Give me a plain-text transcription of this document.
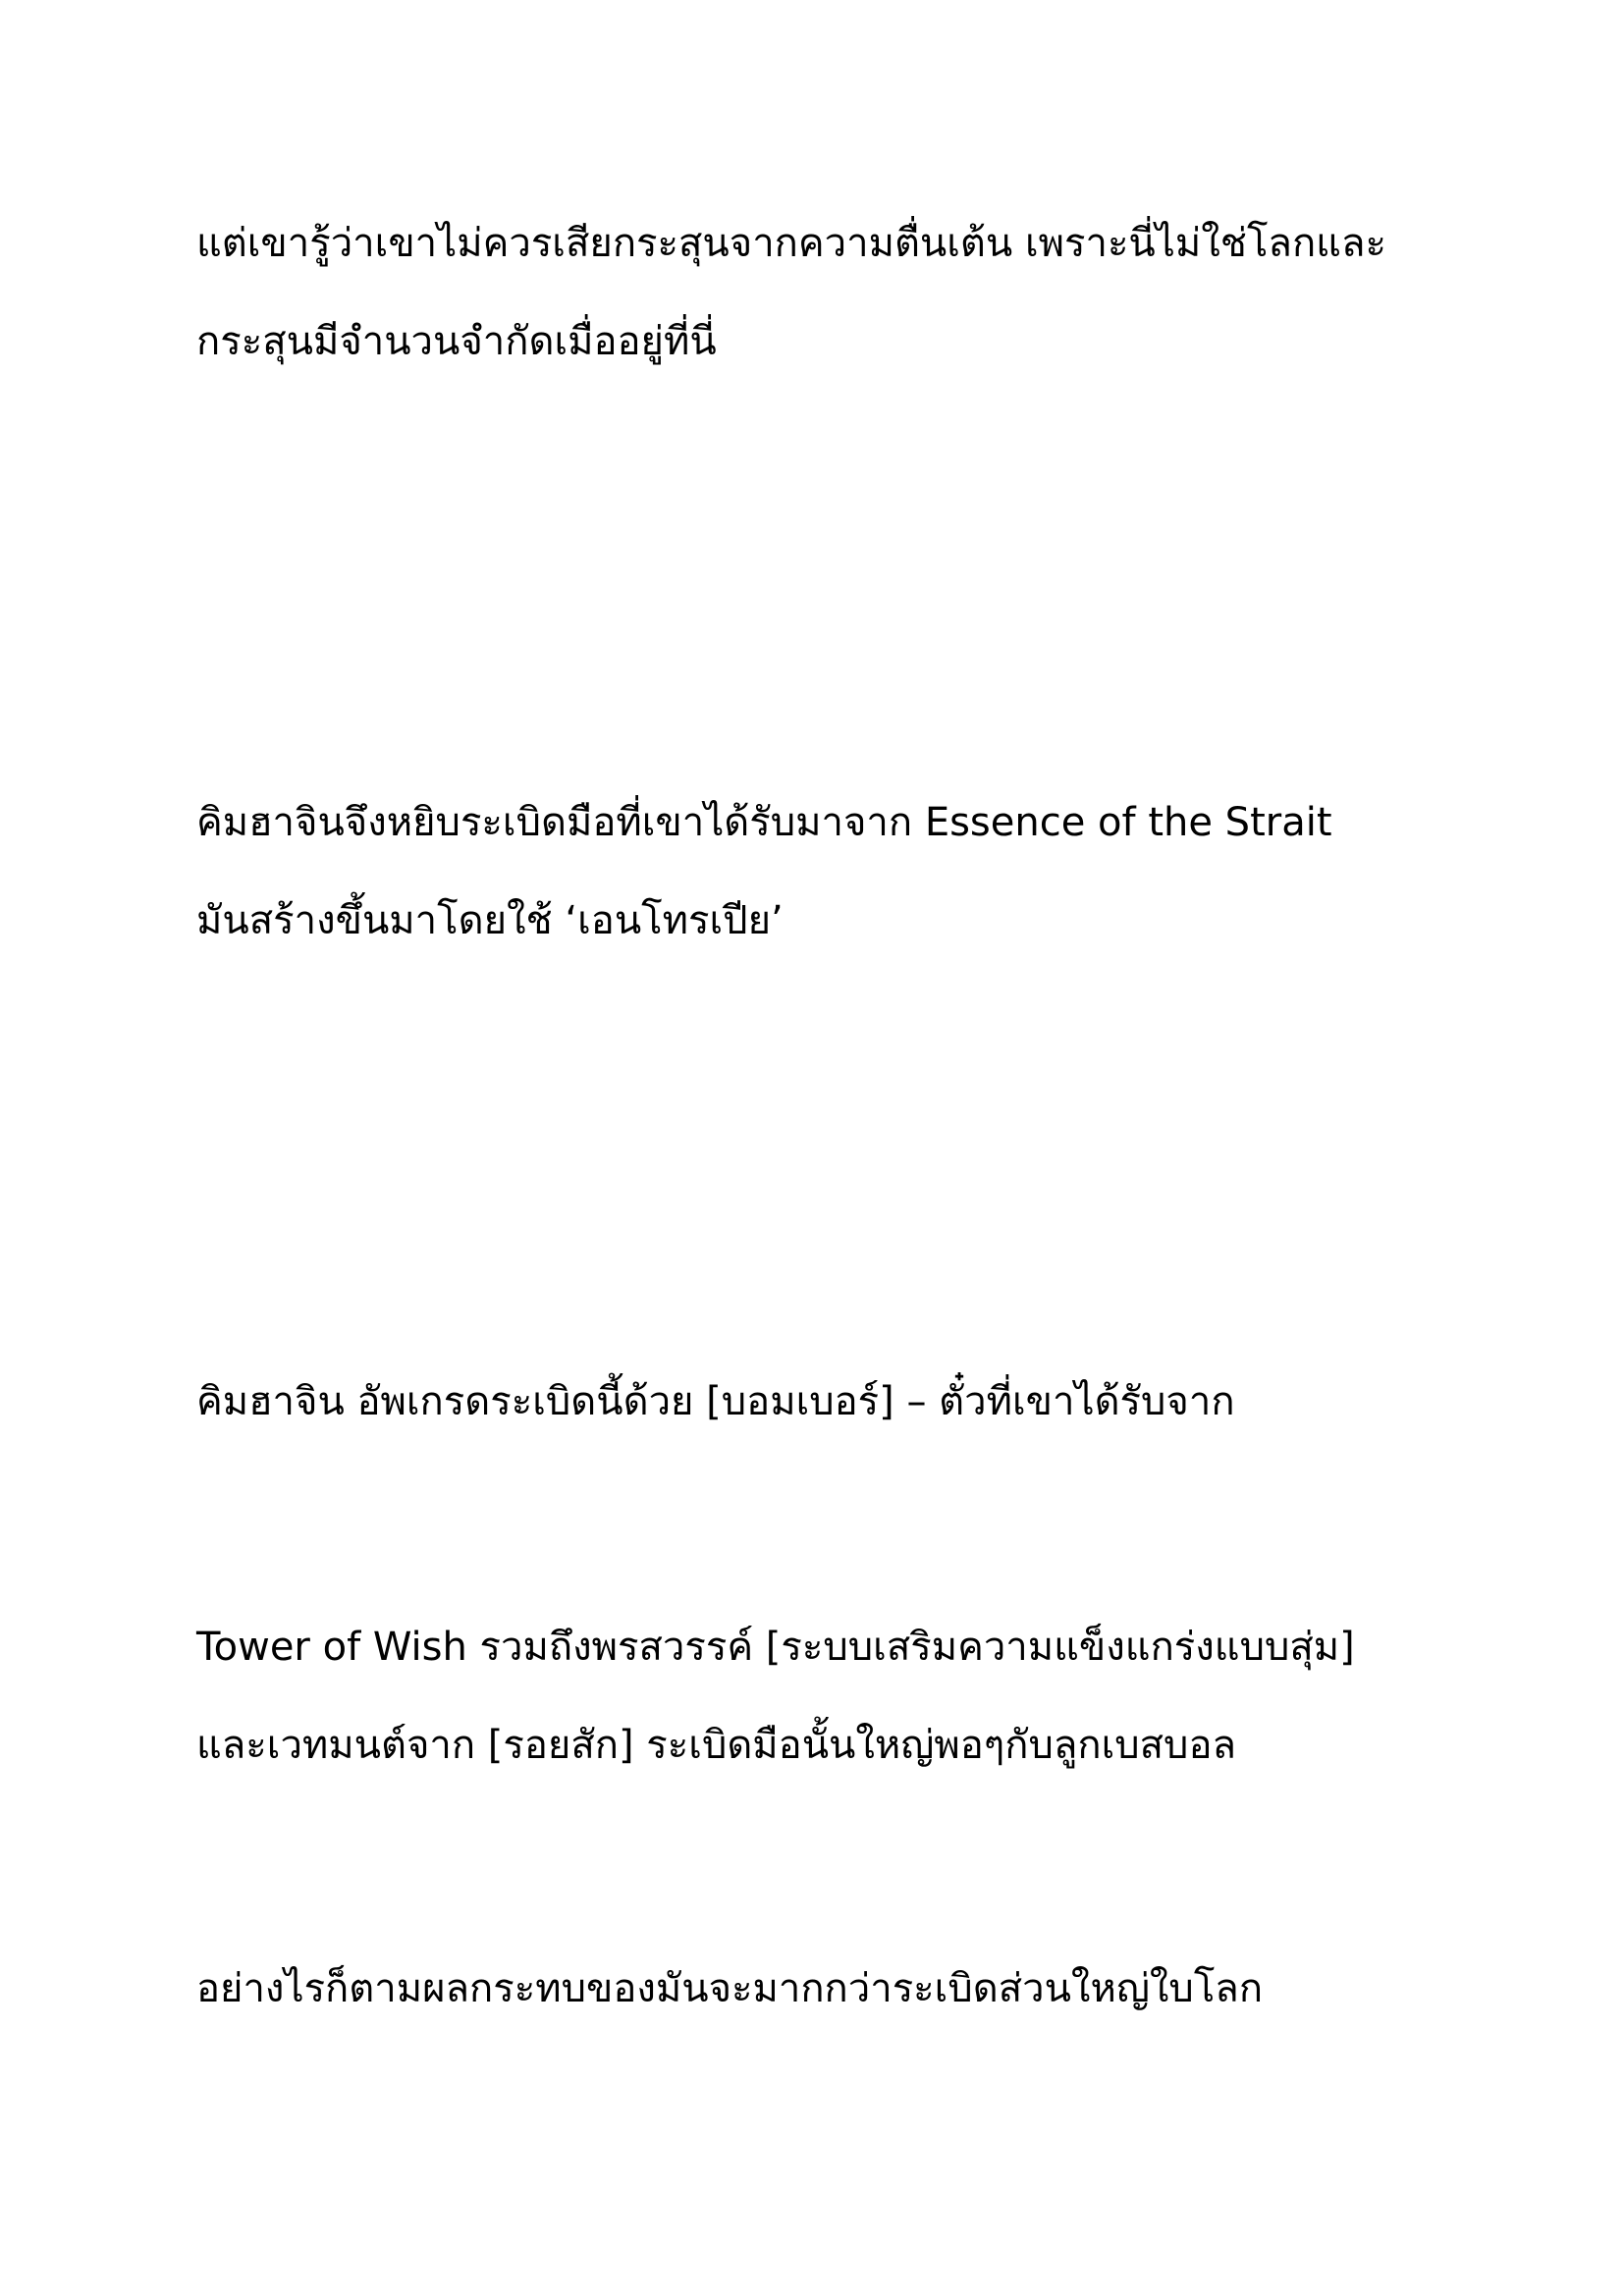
แต่เขารู้ว่าเขาไม่ควรเสียกระสุนจากความตื่นเต้น เพราะนี่ไม่ใช่โลกและ
กระสุนมีจำนวนจำกัดเมื่ออยู่ที่นี่
คิมฮาจินจึงหยิบระเบิดมือที่เขาได้รับมาจาก Essence of the Strait
มันสร้างขึ้นมาโดยใช้ ‘เอนโทรเปีย’
คิมฮาจิน อัพเกรดระเบิดนี้ด้วย [บอมเบอร์] – ตั๋วที่เขาได้รับจาก
Tower of Wish รวมถึงพรสวรรค์ [ระบบเสริมความแข็งแกร่งแบบสุ่ม]
และเวทมนต์จาก [รอยสัก] ระเบิดมือนั้นใหญ่พอๆกับลูกเบสบอล
อย่างไรก็ตามผลกระทบของมันจะมากกว่าระเบิดส่วนใหญ่ใบโลก
